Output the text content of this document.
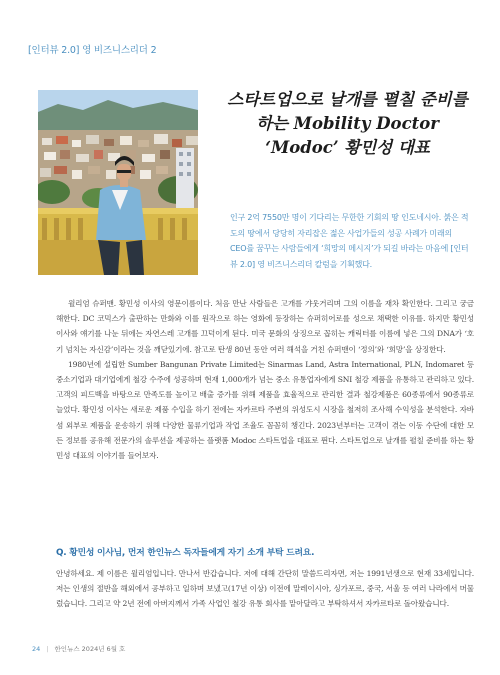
[인터뷰 2.0] 영 비즈니스리더 2
스타트업으로 날개를 펼칠 준비를
하는 Mobility Doctor
‘Modoc’ 황민성 대표
인구 2억 7550만 명이 기다리는 무한한 기회의 땅 인도네시아. 붉은 적도의 땅에서 당당히 자리잡은 젊은 사업가들의 성공 사례가 미래의 CEO를 꿈꾸는 사람들에게 ‘희망의 메시지’가 되길 바라는 마음에 [인터뷰 2.0] 영 비즈니스리더 칼럼을 기획했다.

윌리엄 슈퍼맨. 황민성 이사의 영문이름이다. 처음 만난 사람들은 고개를 갸웃거리며 그의 이름을 재차 확인한다. 그리고 궁금해한다. DC 코믹스가 출판하는 만화와 이를 원작으로 하는 영화에 등장하는 슈퍼히어로를 성으로 채택한 이유를. 하지만 황민성 이사와 얘기를 나눈 뒤에는 자연스레 고개를 끄덕이게 된다. 미국 문화의 상징으로 꼽히는 캐릭터를 이름에 넣은 그의 DNA가 ‘호기 넘치는 자신감’이라는 것을 깨닫있기에. 참고로 탄생 80년 동안 여러 해석을 거친 슈퍼맨이 ‘정의’와 ‘희망’을 상징한다.

1980년에 설립한 Sumber Bangunan Private Limited는 Sinarmas Land, Astra International, PLN, Indomaret 등 중소기업과 대기업에게 철강 수주에 성공하며 현재 1,000개가 넘는 중소 유통업자에게 SNI 철강 제품을 유통하고 관리하고 있다. 고객의 피드백을 바탕으로 만족도를 높이고 배출 증가를 위해 제품을 효율적으로 관리한 결과 철강제품은 60종류에서 90종류로 늘었다. 황민성 이사는 새로운 제품 수입을 하기 전에는 자카르타 주변의 위성도시 시장을 철저히 조사해 수익성을 분석한다. 자바섬 외부로 제품을 운송하기 위해 다양한 물류기업과 작업 조율도 꼼꼼히 챙긴다. 2023년부터는 고객이 겪는 이동 수단에 대한 모든 정보를 공유해 전문가의 솔루션을 제공하는 플랫폼 Modoc 스타트업을 대표로 뛴다. 스타트업으로 날개를 펼칠 준비를 하는 황민성 대표의 이야기를 들어보자.

Q. 황민성 이사님, 먼저 한인뉴스 독자들에게 자기 소개 부탁 드려요.

안녕하세요. 제 이름은 윌리엄입니다. 만나서 반갑습니다. 저에 대해 간단히 말씀드리자면, 저는 1991년생으로 현재 33세입니다. 저는 인생의 절반을 해외에서 공부하고 일하며 보냈고(17년 이상) 이전에 말레이시아, 싱가포르, 중국, 서울 등 여러 나라에서 머물렀습니다. 그리고 약 2년 전에 아버지께서 가족 사업인 철강 유통 회사를 맡아달라고 부탁하셔서 자카르타로 돌아왔습니다.

24 | 한인뉴스 2024년 6월 호
